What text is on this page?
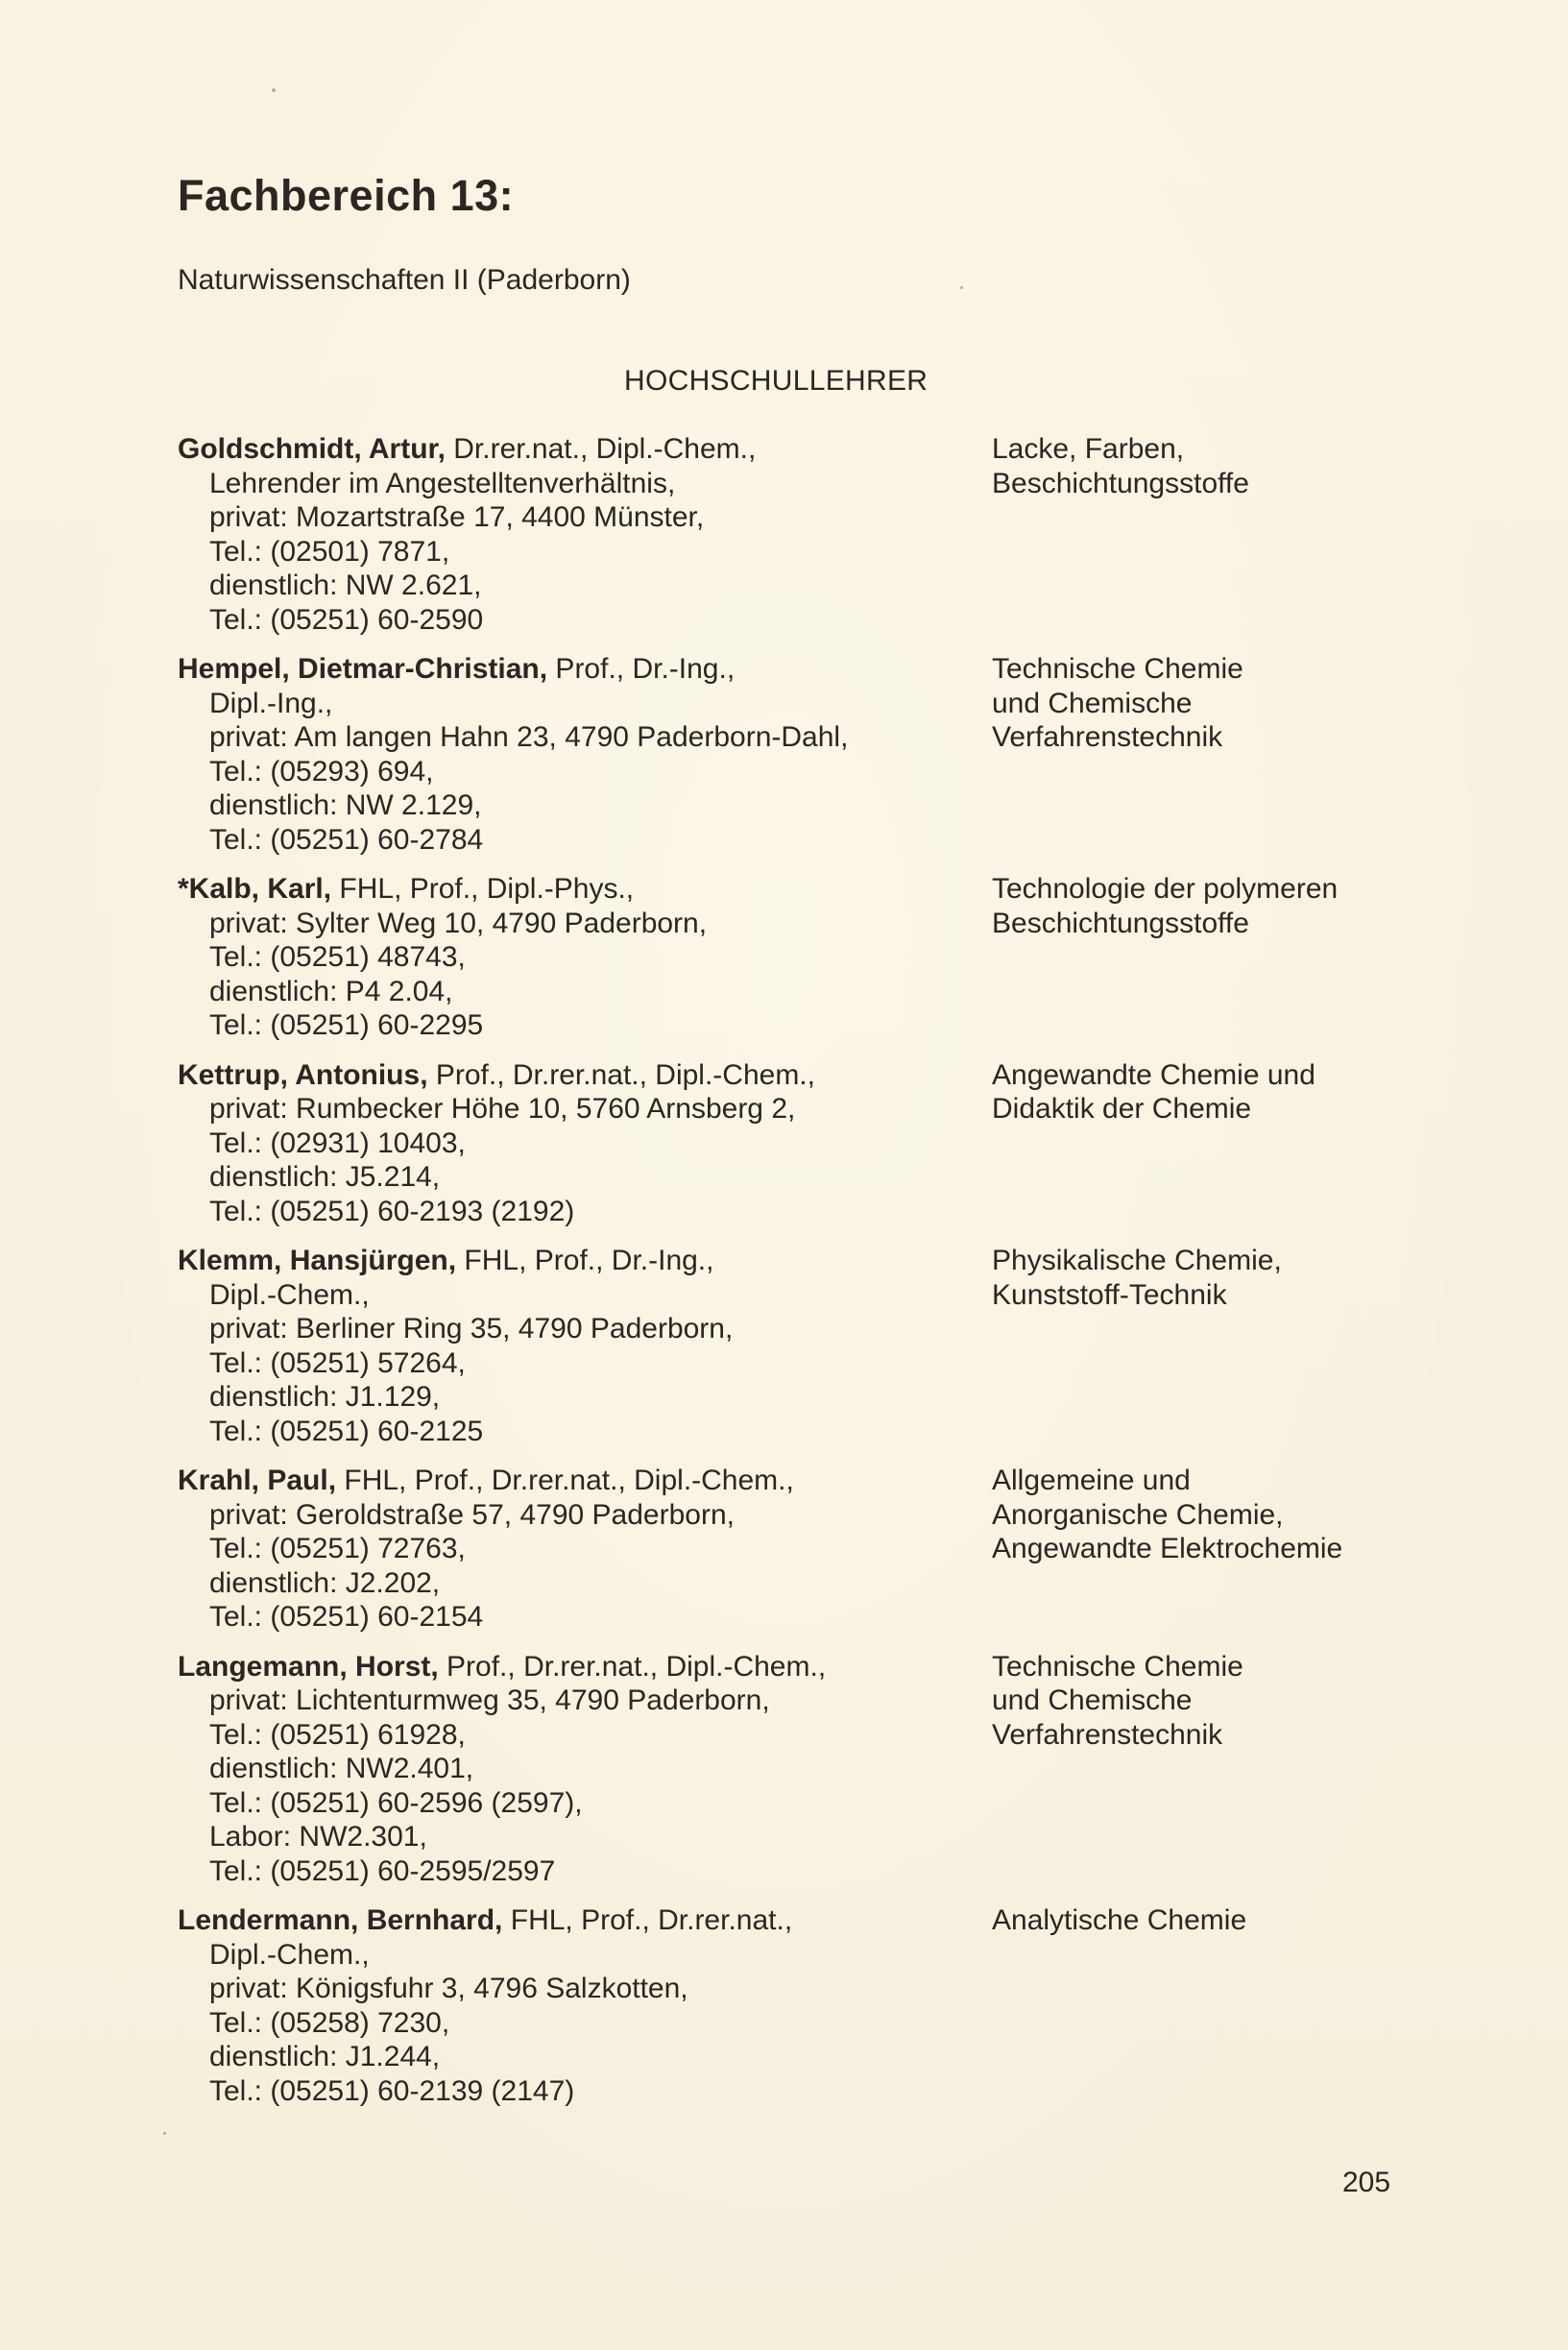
Fachbereich 13:

Naturwissenschaften II (Paderborn)

HOCHSCHULLEHRER

Goldschmidt, Artur, Dr.rer.nat., Dipl.-Chem.,
Lehrender im Angestelltenverhältnis,
privat: Mozartstraße 17, 4400 Münster,
Tel.: (02501) 7871,
dienstlich: NW 2.621,
Tel.: (05251) 60-2590
Lacke, Farben,
Beschichtungsstoffe
Hempel, Dietmar-Christian, Prof., Dr.-Ing.,
Dipl.-Ing.,
privat: Am langen Hahn 23, 4790 Paderborn-Dahl,
Tel.: (05293) 694,
dienstlich: NW 2.129,
Tel.: (05251) 60-2784
Technische Chemie
und Chemische
Verfahrenstechnik
*Kalb, Karl, FHL, Prof., Dipl.-Phys.,
privat: Sylter Weg 10, 4790 Paderborn,
Tel.: (05251) 48743,
dienstlich: P4 2.04,
Tel.: (05251) 60-2295
Technologie der polymeren
Beschichtungsstoffe
Kettrup, Antonius, Prof., Dr.rer.nat., Dipl.-Chem.,
privat: Rumbecker Höhe 10, 5760 Arnsberg 2,
Tel.: (02931) 10403,
dienstlich: J5.214,
Tel.: (05251) 60-2193 (2192)
Angewandte Chemie und
Didaktik der Chemie
Klemm, Hansjürgen, FHL, Prof., Dr.-Ing.,
Dipl.-Chem.,
privat: Berliner Ring 35, 4790 Paderborn,
Tel.: (05251) 57264,
dienstlich: J1.129,
Tel.: (05251) 60-2125
Physikalische Chemie,
Kunststoff-Technik
Krahl, Paul, FHL, Prof., Dr.rer.nat., Dipl.-Chem.,
privat: Geroldstraße 57, 4790 Paderborn,
Tel.: (05251) 72763,
dienstlich: J2.202,
Tel.: (05251) 60-2154
Allgemeine und
Anorganische Chemie,
Angewandte Elektrochemie
Langemann, Horst, Prof., Dr.rer.nat., Dipl.-Chem.,
privat: Lichtenturmweg 35, 4790 Paderborn,
Tel.: (05251) 61928,
dienstlich: NW2.401,
Tel.: (05251) 60-2596 (2597),
Labor: NW2.301,
Tel.: (05251) 60-2595/2597
Technische Chemie
und Chemische
Verfahrenstechnik
Lendermann, Bernhard, FHL, Prof., Dr.rer.nat.,
Dipl.-Chem.,
privat: Königsfuhr 3, 4796 Salzkotten,
Tel.: (05258) 7230,
dienstlich: J1.244,
Tel.: (05251) 60-2139 (2147)
Analytische Chemie

205
